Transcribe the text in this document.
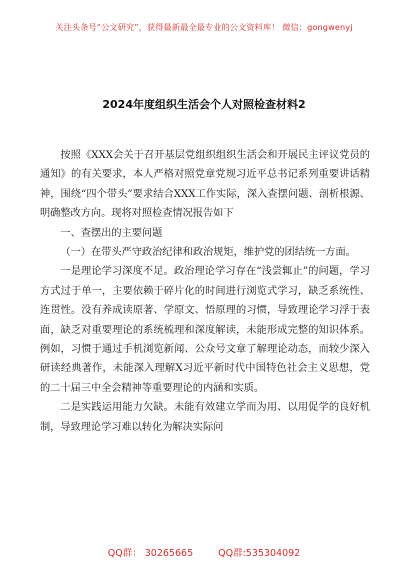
关注头条号“公文研究”，获得最新最全最专业的公文资料库！ 微信：gongwenyj
2024年度组织生活会个人对照检查材料2

按照《XXX会关于召开基层党组织组织生活会和开展民主评议党员的通知》的有关要求，本人严格对照党章党规习近平总书记系列重要讲话精神，围绕“四个带头”要求结合XXX工作实际，深入查摆问题、剖析根源、明确整改方向。现将对照检查情况报告如下

一、查摆出的主要问题

（一）在带头严守政治纪律和政治规矩，维护党的团结统一方面。

一是理论学习深度不足。政治理论学习存在“浅尝辄止”的问题，学习方式过于单一，主要依赖于碎片化的时间进行浏览式学习，缺乏系统性、连贯性。没有养成读原著、学原文、悟原理的习惯，导致理论学习浮于表面，缺乏对重要理论的系统梳理和深度解读，未能形成完整的知识体系。例如，习惯于通过手机浏览新闻、公众号文章了解理论动态，而较少深入研读经典著作，未能深入理解X习近平新时代中国特色社会主义思想，党的二十届三中全会精神等重要理论的内涵和实质。

二是实践运用能力欠缺。未能有效建立学而为用、以用促学的良好机制，导致理论学习难以转化为解决实际问

QQ群： 30265665	QQ群:535304092
